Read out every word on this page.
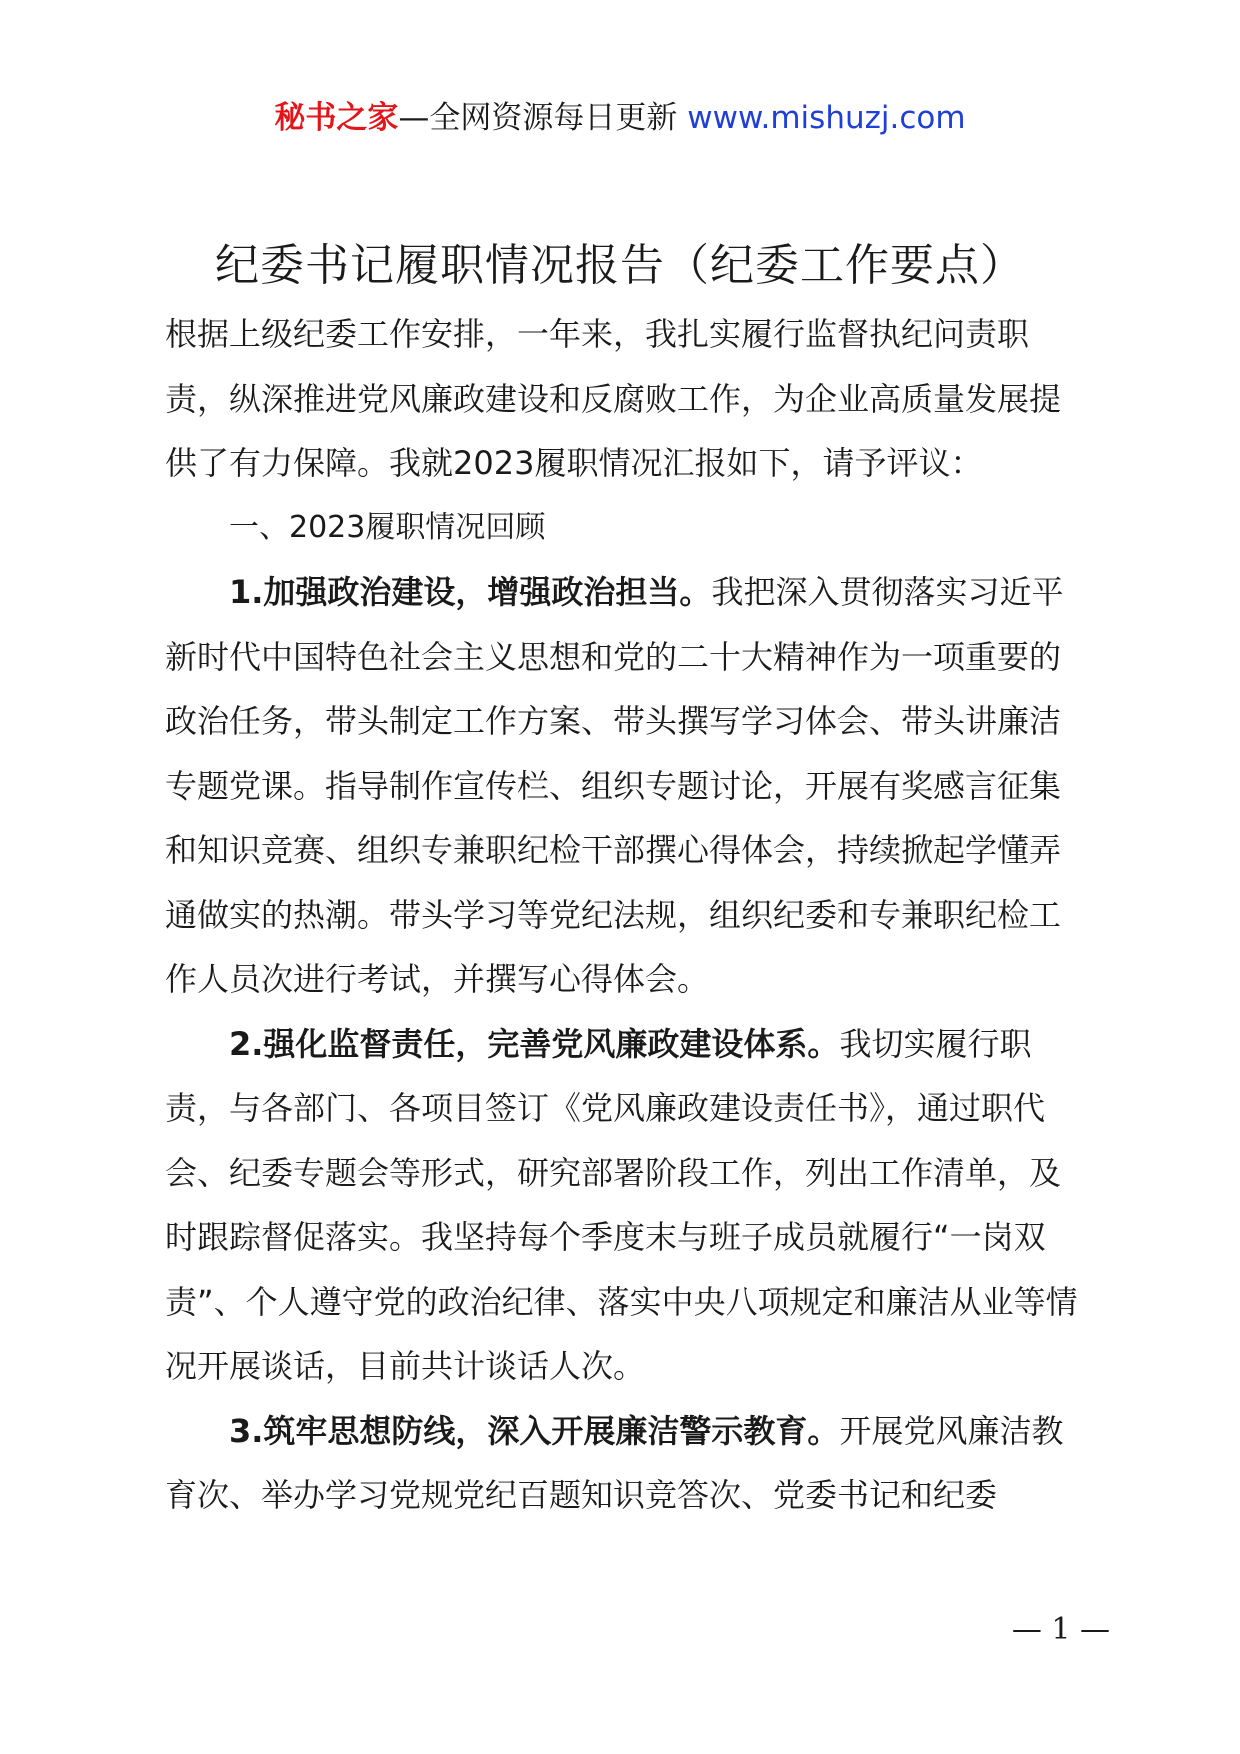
秘书之家—全网资源每日更新 www.mishuzj.com
纪委书记履职情况报告（纪委工作要点）

根据上级纪委工作安排，一年来，我扎实履行监督执纪问责职责，纵深推进党风廉政建设和反腐败工作，为企业高质量发展提供了有力保障。我就2023履职情况汇报如下，请予评议：

一、2023履职情况回顾

1.加强政治建设，增强政治担当。我把深入贯彻落实习近平新时代中国特色社会主义思想和党的二十大精神作为一项重要的政治任务，带头制定工作方案、带头撰写学习体会、带头讲廉洁专题党课。指导制作宣传栏、组织专题讨论，开展有奖感言征集和知识竞赛、组织专兼职纪检干部撰心得体会，持续掀起学懂弄通做实的热潮。带头学习等党纪法规，组织纪委和专兼职纪检工作人员次进行考试，并撰写心得体会。

2.强化监督责任，完善党风廉政建设体系。我切实履行职责，与各部门、各项目签订《党风廉政建设责任书》，通过职代会、纪委专题会等形式，研究部署阶段工作，列出工作清单，及时跟踪督促落实。我坚持每个季度末与班子成员就履行“一岗双责”、个人遵守党的政治纪律、落实中央八项规定和廉洁从业等情况开展谈话，目前共计谈话人次。

3.筑牢思想防线，深入开展廉洁警示教育。开展党风廉洁教育次、举办学习党规党纪百题知识竞答次、党委书记和纪委

— 1 —
